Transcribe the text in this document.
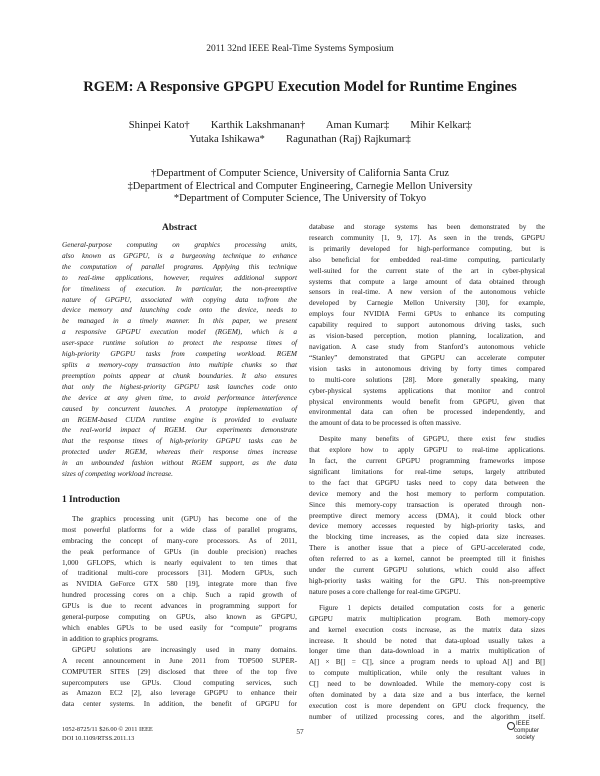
2011 32nd IEEE Real-Time Systems Symposium
RGEM: A Responsive GPGPU Execution Model for Runtime Engines
Shinpei Kato†        Karthik Lakshmanan†        Aman Kumar‡        Mihir Kelkar‡
Yutaka Ishikawa*        Ragunathan (Raj) Rajkumar‡
†Department of Computer Science, University of California Santa Cruz
‡Department of Electrical and Computer Engineering, Carnegie Mellon University
*Department of Computer Science, The University of Tokyo
Abstract
General-purpose computing on graphics processing units,
also known as GPGPU, is a burgeoning technique to enhance
the computation of parallel programs. Applying this technique
to real-time applications, however, requires additional support
for timeliness of execution. In particular, the non-preemptive
nature of GPGPU, associated with copying data to/from the
device memory and launching code onto the device, needs to
be managed in a timely manner. In this paper, we present
a responsive GPGPU execution model (RGEM), which is a
user-space runtime solution to protect the response times of
high-priority GPGPU tasks from competing workload. RGEM
splits a memory-copy transaction into multiple chunks so that
preemption points appear at chunk boundaries. It also ensures
that only the highest-priority GPGPU task launches code onto
the device at any given time, to avoid performance interference
caused by concurrent launches. A prototype implementation of
an RGEM-based CUDA runtime engine is provided to evaluate
the real-world impact of RGEM. Our experiments demonstrate
that the response times of high-priority GPGPU tasks can be
protected under RGEM, whereas their response times increase
in an unbounded fashion without RGEM support, as the data
sizes of competing workload increase.
1 Introduction
The graphics processing unit (GPU) has become one of the
most powerful platforms for a wide class of parallel programs,
embracing the concept of many-core processors. As of 2011,
the peak performance of GPUs (in double precision) reaches
1,000 GFLOPS, which is nearly equivalent to ten times that
of traditional multi-core processors [31]. Modern GPUs, such
as NVIDIA GeForce GTX 580 [19], integrate more than five
hundred processing cores on a chip. Such a rapid growth of
GPUs is due to recent advances in programming support for
general-purpose computing on GPUs, also known as GPGPU,
which enables GPUs to be used easily for “compute” programs
in addition to graphics programs.
GPGPU solutions are increasingly used in many domains.
A recent announcement in June 2011 from TOP500 SUPER-
COMPUTER SITES [29] disclosed that three of the top five
supercomputers use GPUs. Cloud computing services, such
as Amazon EC2 [2], also leverage GPGPU to enhance their
data center systems. In addition, the benefit of GPGPU for
database and storage systems has been demonstrated by the
research community [1, 9, 17]. As seen in the trends, GPGPU
is primarily developed for high-performance computing, but is
also beneficial for embedded real-time computing, particularly
well-suited for the current state of the art in cyber-physical
systems that compute a large amount of data obtained through
sensors in real-time. A new version of the autonomous vehicle
developed by Carnegie Mellon University [30], for example,
employs four NVIDIA Fermi GPUs to enhance its computing
capability required to support autonomous driving tasks, such
as vision-based perception, motion planning, localization, and
navigation. A case study from Stanford’s autonomous vehicle
“Stanley” demonstrated that GPGPU can accelerate computer
vision tasks in autonomous driving by forty times compared
to multi-core solutions [28]. More generally speaking, many
cyber-physical systems applications that monitor and control
physical environments would benefit from GPGPU, given that
environmental data can often be processed independently, and
the amount of data to be processed is often massive.
Despite many benefits of GPGPU, there exist few studies
that explore how to apply GPGPU to real-time applications.
In fact, the current GPGPU programming frameworks impose
significant limitations for real-time setups, largely attributed
to the fact that GPGPU tasks need to copy data between the
device memory and the host memory to perform computation.
Since this memory-copy transaction is operated through non-
preemptive direct memory access (DMA), it could block other
device memory accesses requested by high-priority tasks, and
the blocking time increases, as the copied data size increases.
There is another issue that a piece of GPU-accelerated code,
often referred to as a kernel, cannot be preempted till it finishes
under the current GPGPU solutions, which could also affect
high-priority tasks waiting for the GPU. This non-preemptive
nature poses a core challenge for real-time GPGPU.
Figure 1 depicts detailed computation costs for a generic
GPGPU matrix multiplication program. Both memory-copy
and kernel execution costs increase, as the matrix data sizes
increase. It should be noted that data-upload usually takes a
longer time than data-download in a matrix multiplication of
A[] × B[] = C[], since a program needs to upload A[] and B[]
to compute multiplication, while only the resultant values in
C[] need to be downloaded. While the memory-copy cost is
often dominated by a data size and a bus interface, the kernel
execution cost is more dependent on GPU clock frequency, the
number of utilized processing cores, and the algorithm itself.
1052-8725/11 $26.00 © 2011 IEEE
DOI 10.1109/RTSS.2011.13
57
IEEE
computer
society
